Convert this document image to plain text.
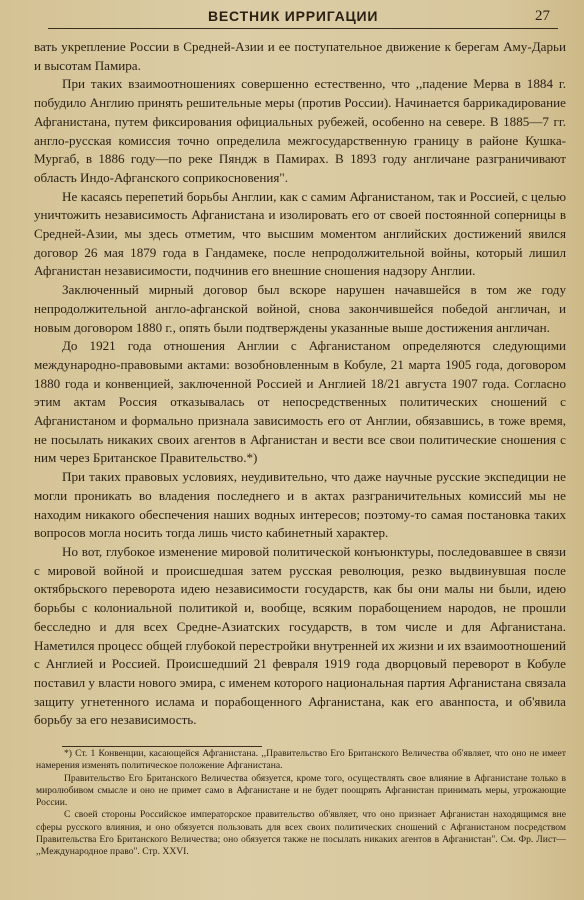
ВЕСТНИК ИРРИГАЦИИ	27

вать укрепление России в Средней-Азии и ее поступательное движение к берегам Аму-Дарьи и высотам Памира.

При таких взаимоотношениях совершенно естественно, что ,,падение Мерва в 1884 г. побудило Англию принять решительные меры (против России). Начинается баррикадирование Афганистана, путем фиксирования официальных рубежей, особенно на севере. В 1885—7 гг. англо-русская комиссия точно определила межгосударственную границу в районе Кушка-Мургаб, в 1886 году—по реке Пяндж в Памирах. В 1893 году англичане разграничивают область Индо-Афганского соприкосновения".

Не касаясь перепетий борьбы Англии, как с самим Афганистаном, так и Россией, с целью уничтожить независимость Афганистана и изолировать его от своей постоянной соперницы в Средней-Азии, мы здесь отметим, что высшим моментом английских достижений явился договор 26 мая 1879 года в Гандамеке, после непродолжительной войны, который лишил Афганистан независимости, подчинив его внешние сношения надзору Англии.

Заключенный мирный договор был вскоре нарушен начавшейся в том же году непродолжительной англо-афганской войной, снова закончившейся победой англичан, и новым договором 1880 г., опять были подтверждены указанные выше достижения англичан.

До 1921 года отношения Англии с Афганистаном определяются следующими международно-правовыми актами: возобновленным в Кобуле, 21 марта 1905 года, договором 1880 года и конвенцией, заключенной Россией и Англией 18/21 августа 1907 года. Согласно этим актам Россия отказывалась от непосредственных политических сношений с Афганистаном и формально признала зависимость его от Англии, обязавшись, в тоже время, не посылать никаких своих агентов в Афганистан и вести все свои политические сношения с ним через Британское Правительство.*)

При таких правовых условиях, неудивительно, что даже научные русские экспедиции не могли проникать во владения последнего и в актах разграничительных комиссий мы не находим никакого обеспечения наших водных интересов; поэтому-то самая постановка таких вопросов могла носить тогда лишь чисто кабинетный характер.

Но вот, глубокое изменение мировой политической конъюнктуры, последовавшее в связи с мировой войной и происшедшая затем русская революция, резко выдвинувшая после октябрьского переворота идею независимости государств, как бы они малы ни были, идею борьбы с колониальной политикой и, вообще, всяким порабощением народов, не прошли бесследно и для всех Средне-Азиатских государств, в том числе и для Афганистана. Наметился процесс общей глубокой перестройки внутренней их жизни и их взаимоотношений с Англией и Россией. Происшедший 21 февраля 1919 года дворцовый переворот в Кобуле поставил у власти нового эмира, с именем которого национальная партия Афганистана связала защиту угнетенного ислама и порабощенного Афганистана, как его аванпоста, и об'явила борьбу за его независимость.

*) Ст. 1 Конвенции, касающейся Афганистана. ,,Правительство Его Британского Величества об'являет, что оно не имеет намерения изменять политическое положение Афганистана.

Правительство Его Британского Величества обязуется, кроме того, осуществлять свое влияние в Афганистане только в миролюбивом смысле и оно не примет само в Афганистане и не будет поощрять Афганистан принимать меры, угрожающие России.

С своей стороны Российское императорское правительство об'являет, что оно признает Афганистан находящимся вне сферы русского влияния, и оно обязуется пользовать для всех своих политических сношений с Афганистаном посредством Правительства Его Британского Величества; оно обязуется также не посылать никаких агентов в Афганистан". См. Фр. Лист— ,,Международное право". Стр. XXVI.
